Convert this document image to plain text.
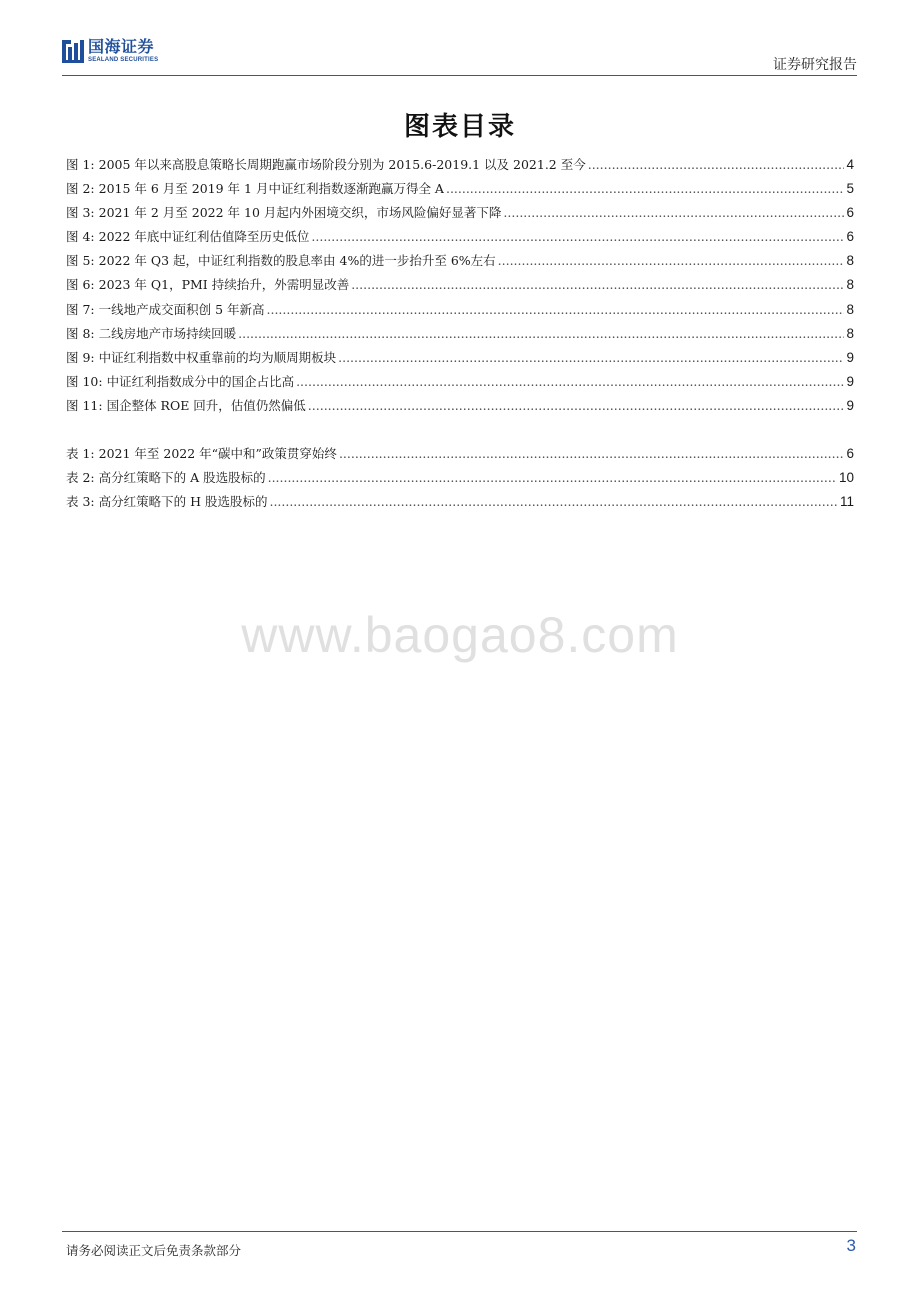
国海证券
SEALAND SECURITIES	证券研究报告
图表目录
图 1: 2005 年以来高股息策略长周期跑赢市场阶段分别为 2015.6-2019.1 以及 2021.2 至今 .....	4
图 2: 2015 年 6 月至 2019 年 1 月中证红利指数逐渐跑赢万得全 A .....	5
图 3: 2021 年 2 月至 2022 年 10 月起内外困境交织，市场风险偏好显著下降 .....	6
图 4: 2022 年底中证红利估值降至历史低位 .....	6
图 5: 2022 年 Q3 起，中证红利指数的股息率由 4%的进一步抬升至 6%左右 .....	8
图 6: 2023 年 Q1，PMI 持续抬升，外需明显改善 .....	8
图 7: 一线地产成交面积创 5 年新高 .....	8
图 8: 二线房地产市场持续回暖 .....	8
图 9: 中证红利指数中权重靠前的均为顺周期板块 .....	9
图 10: 中证红利指数成分中的国企占比高 .....	9
图 11: 国企整体 ROE 回升，估值仍然偏低 .....	9
表 1: 2021 年至 2022 年“碳中和”政策贯穿始终 .....	6
表 2: 高分红策略下的 A 股选股标的 .....	10
表 3: 高分红策略下的 H 股选股标的 .....	11
www.baogao8.com
请务必阅读正文后免责条款部分	3
